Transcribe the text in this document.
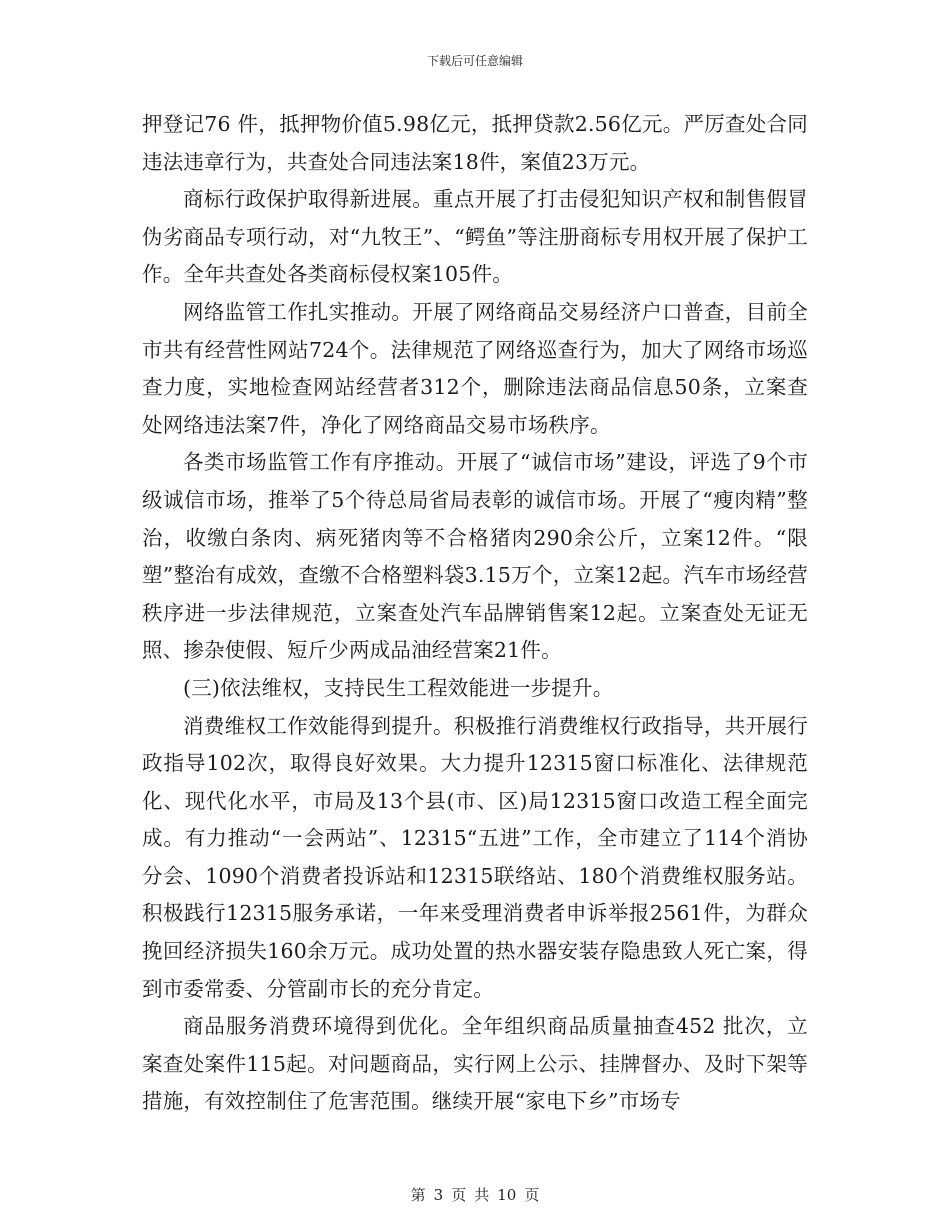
下载后可任意编辑

押登记76 件，抵押物价值5.98亿元，抵押贷款2.56亿元。严厉查处合同违法违章行为，共查处合同违法案18件，案值23万元。

商标行政保护取得新进展。重点开展了打击侵犯知识产权和制售假冒伪劣商品专项行动，对“九牧王”、“鳄鱼”等注册商标专用权开展了保护工作。全年共查处各类商标侵权案105件。

网络监管工作扎实推动。开展了网络商品交易经济户口普查，目前全市共有经营性网站724个。法律规范了网络巡查行为，加大了网络市场巡查力度，实地检查网站经营者312个，删除违法商品信息50条，立案查处网络违法案7件，净化了网络商品交易市场秩序。

各类市场监管工作有序推动。开展了“诚信市场”建设，评选了9个市级诚信市场，推举了5个待总局省局表彰的诚信市场。开展了“瘦肉精”整治，收缴白条肉、病死猪肉等不合格猪肉290余公斤，立案12件。“限塑”整治有成效，查缴不合格塑料袋3.15万个，立案12起。汽车市场经营秩序进一步法律规范，立案查处汽车品牌销售案12起。立案查处无证无照、掺杂使假、短斤少两成品油经营案21件。

(三)依法维权，支持民生工程效能进一步提升。

消费维权工作效能得到提升。积极推行消费维权行政指导，共开展行政指导102次，取得良好效果。大力提升12315窗口标准化、法律规范化、现代化水平，市局及13个县(市、区)局12315窗口改造工程全面完成。有力推动“一会两站”、12315“五进”工作，全市建立了114个消协分会、1090个消费者投诉站和12315联络站、180个消费维权服务站。积极践行12315服务承诺，一年来受理消费者申诉举报2561件，为群众挽回经济损失160余万元。成功处置的热水器安装存隐患致人死亡案，得到市委常委、分管副市长的充分肯定。

商品服务消费环境得到优化。全年组织商品质量抽查452 批次，立案查处案件115起。对问题商品，实行网上公示、挂牌督办、及时下架等措施，有效控制住了危害范围。继续开展“家电下乡”市场专

第 3 页 共 10 页
